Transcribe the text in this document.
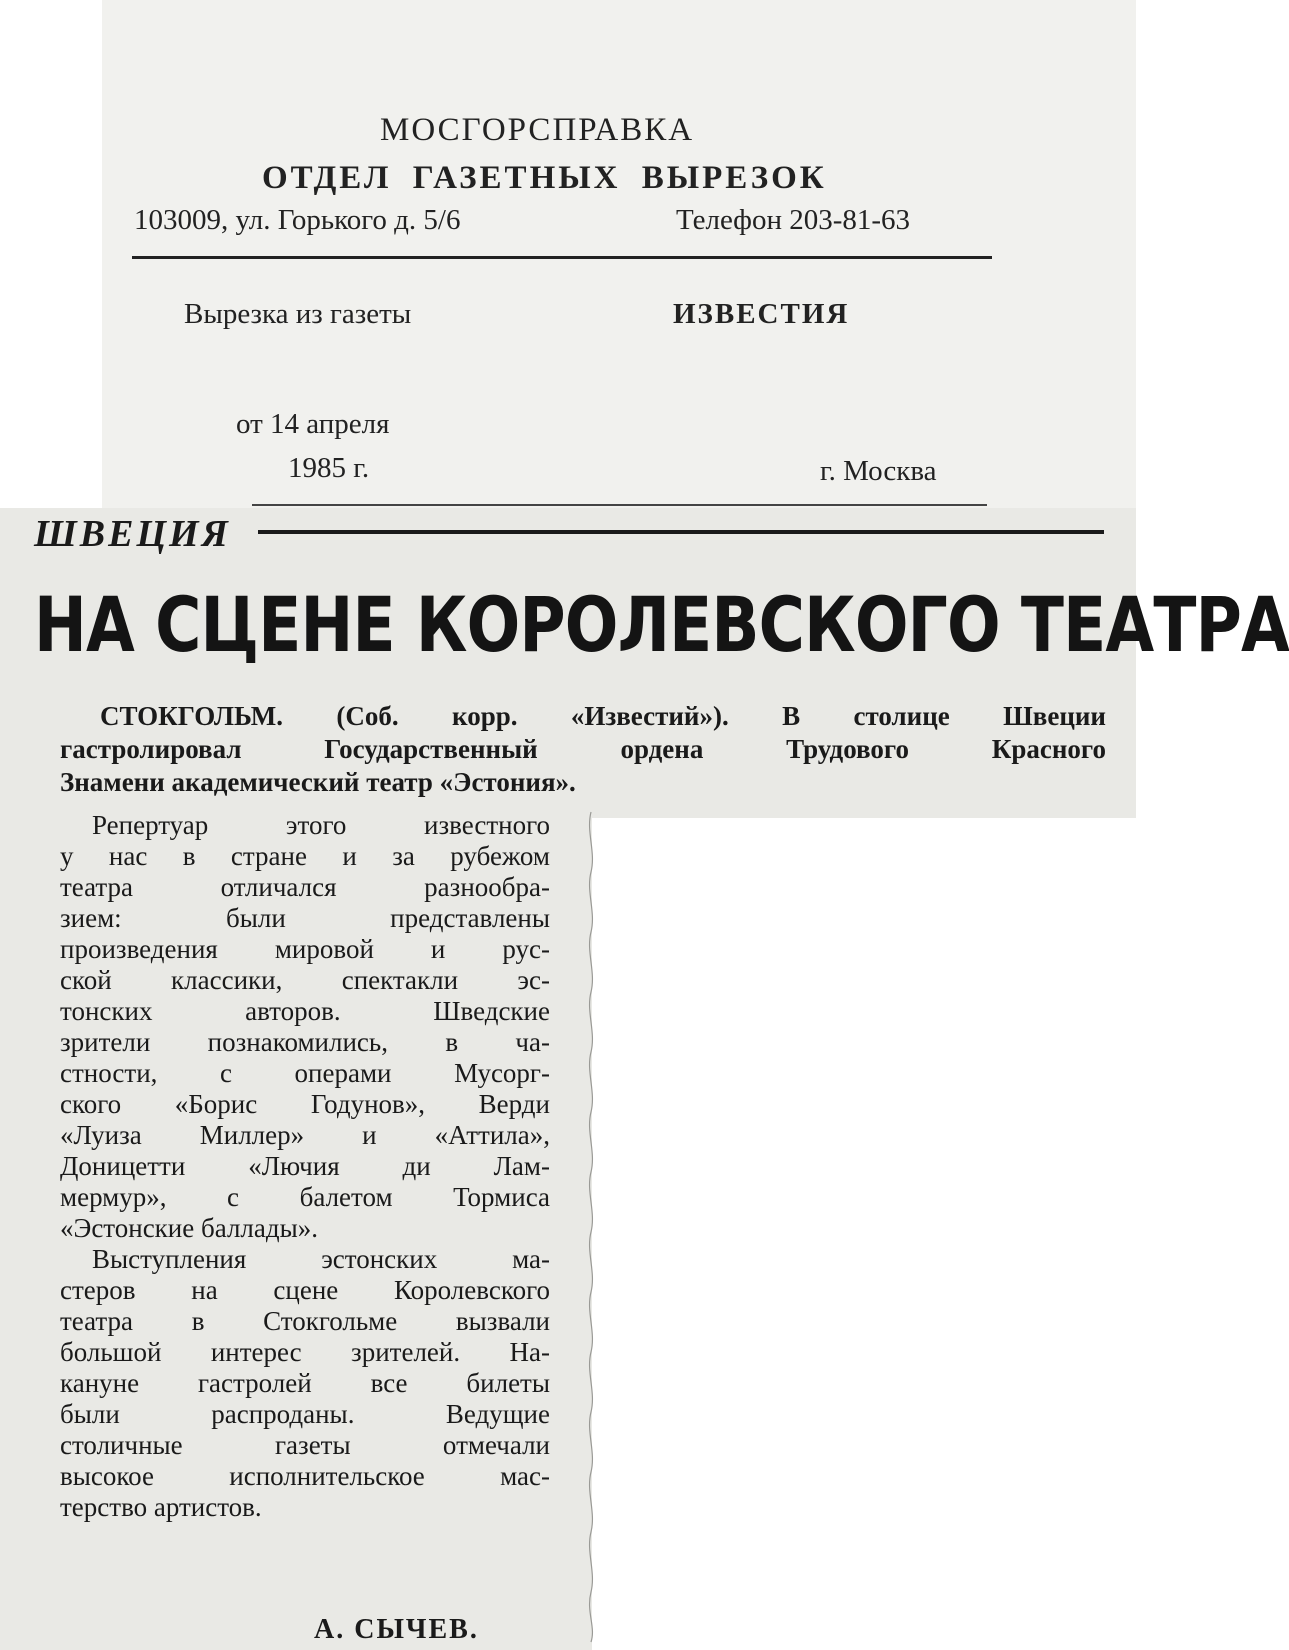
МОСГОРСПРАВКА
ОТДЕЛ ГАЗЕТНЫХ ВЫРЕЗОК
103009, ул. Горького д. 5/6	Телефон 203-81-63
Вырезка из газеты	ИЗВЕСТИЯ
от 14 апреля
1985 г.	г. Москва
ШВЕЦИЯ
НА СЦЕНЕ КОРОЛЕВСКОГО ТЕАТРА
СТОКГОЛЬМ. (Соб. корр. «Известий»). В столице Швеции
гастролировал Государственный ордена Трудового Красного
Знамени академический театр «Эстония».
Репертуар этого известного
у нас в стране и за рубежом
театра отличался разнообра-
зием: были представлены
произведения мировой и рус-
ской классики, спектакли эс-
тонских авторов. Шведские
зрители познакомились, в ча-
стности, с операми Мусорг-
ского «Борис Годунов», Верди
«Луиза Миллер» и «Аттила»,
Доницетти «Лючия ди Лам-
мермур», с балетом Тормиса
«Эстонские баллады».
Выступления эстонских ма-
стеров на сцене Королевского
театра в Стокгольме вызвали
большой интерес зрителей. На-
кануне гастролей все билеты
были распроданы. Ведущие
столичные газеты отмечали
высокое исполнительское мас-
терство артистов.
А. СЫЧЕВ.
